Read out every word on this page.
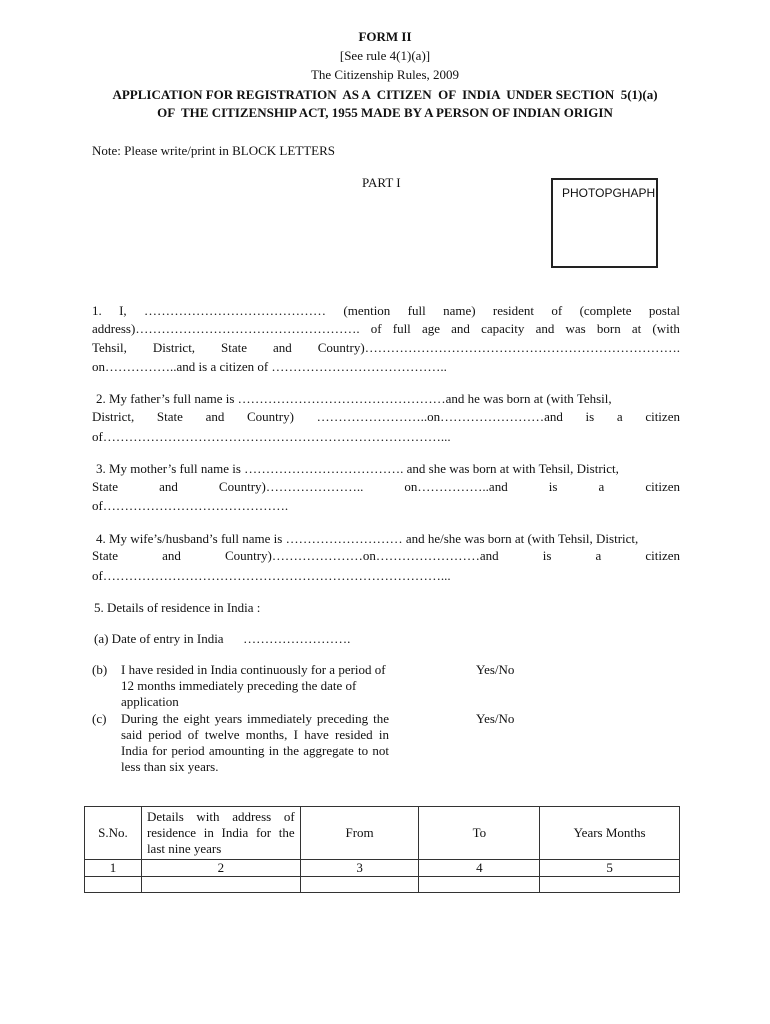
FORM II
[See rule 4(1)(a)]
The Citizenship Rules, 2009
APPLICATION FOR REGISTRATION  AS A  CITIZEN  OF  INDIA  UNDER SECTION  5(1)(a)
OF  THE CITIZENSHIP ACT, 1955 MADE BY A PERSON OF INDIAN ORIGIN
Note: Please write/print in BLOCK LETTERS
PART I
PHOTOPGHAPH
1. I, …………………………………… (mention full name) resident of (complete postal
address)……………………………………………. of full age and capacity and was born at (with
Tehsil, District, State and Country)……………………………………………………………….
on……………..and is a citizen of …………………………………..
2. My father’s full name is …………………………………………and he was born at (with Tehsil,
District, State and Country) ……………………..on……………………and is a citizen
of……………………………………………………………………...
3. My mother’s full name is ………………………………. and she was born at with Tehsil, District,
State	and	Country)…………………..	on……………..and	is	a	citizen
of…………………………………….
4. My wife’s/husband’s full name is ……………………… and he/she was born at (with Tehsil, District,
State	and	Country)…………………on……………………and	is	a	citizen
of……………………………………………………………………...
5. Details of residence in India :
(a) Date of entry in India      …………………….
(b) I have resided in India continuously for a period of 12 months immediately preceding the date of application
Yes/No
(c) During the eight years immediately preceding the said period of twelve months, I have resided in India for period amounting in the aggregate to not less than six years.
Yes/No
S.No.	Details with address of residence in India for the last nine years	From	To	Years Months
1	2	3	4	5
